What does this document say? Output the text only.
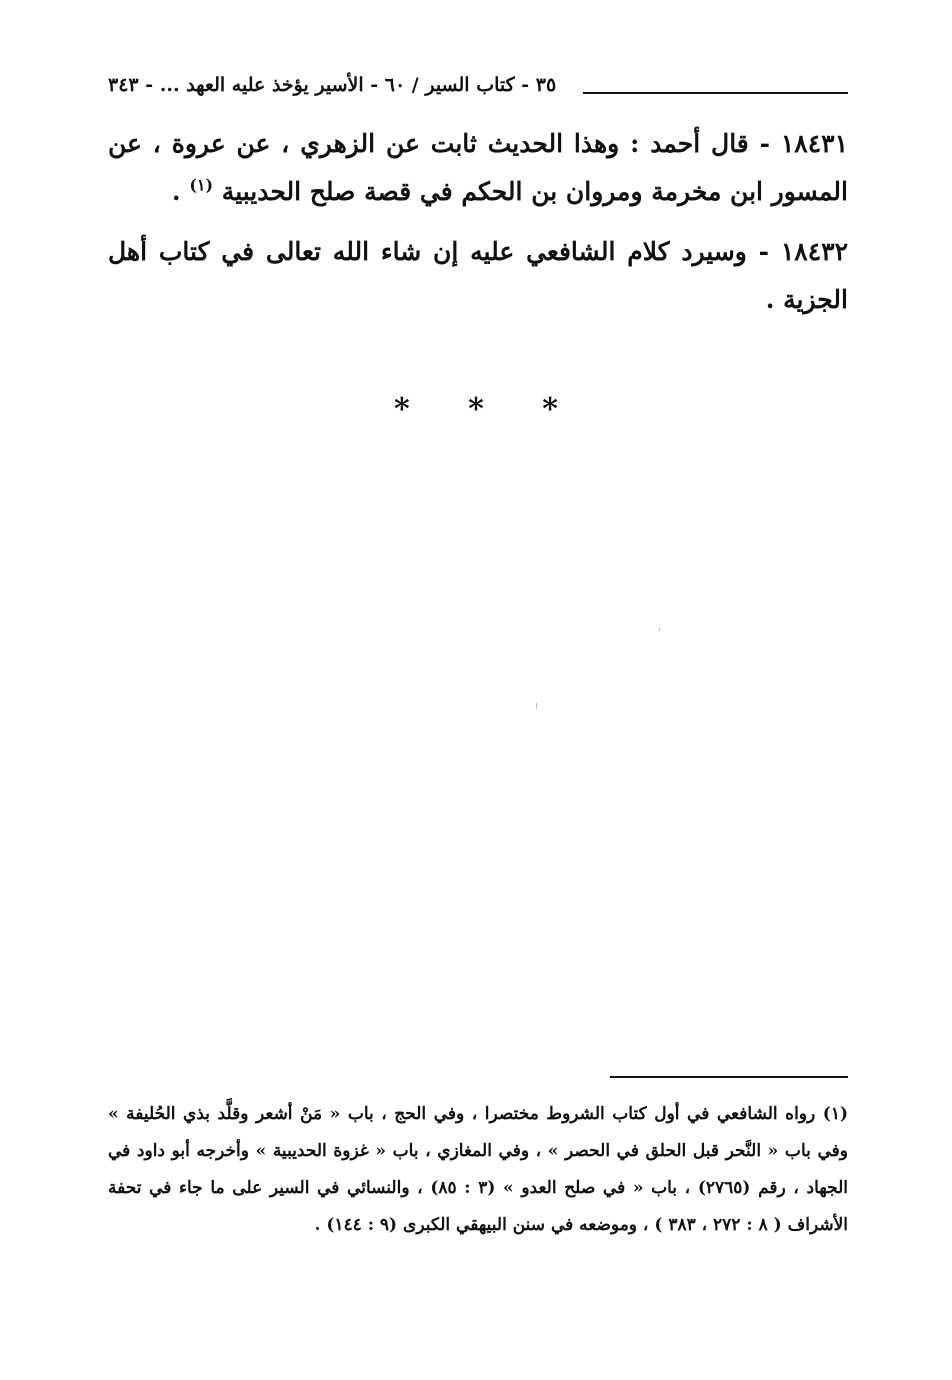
٣٥ - كتاب السير / ٦٠ - الأسير يؤخذ عليه العهد ... - ٣٤٣

١٨٤٣١ - قال أحمد : وهذا الحديث ثابت عن الزهري ، عن عروة ، عن المسور ابن مخرمة ومروان بن الحكم في قصة صلح الحديبية $^{(١)}$ .

١٨٤٣٢ - وسيرد كلام الشافعي عليه إن شاء الله تعالى في كتاب أهل الجزية .

* * *

(١) رواه الشافعي في أول كتاب الشروط مختصرا ، وفي الحج ، باب « مَنْ أشعر وقلَّد بذي الحُليفة » وفي باب « النَّحر قبل الحلق في الحصر » ، وفي المغازي ، باب « غزوة الحديبية » وأخرجه أبو داود في الجهاد ، رقم (٢٧٦٥) ، باب « في صلح العدو » (٣ : ٨٥) ، والنسائي في السير على ما جاء في تحفة الأشراف ( ٨ : ٢٧٢ ، ٣٨٣ ) ، وموضعه في سنن البيهقي الكبرى (٩ : ١٤٤) .
